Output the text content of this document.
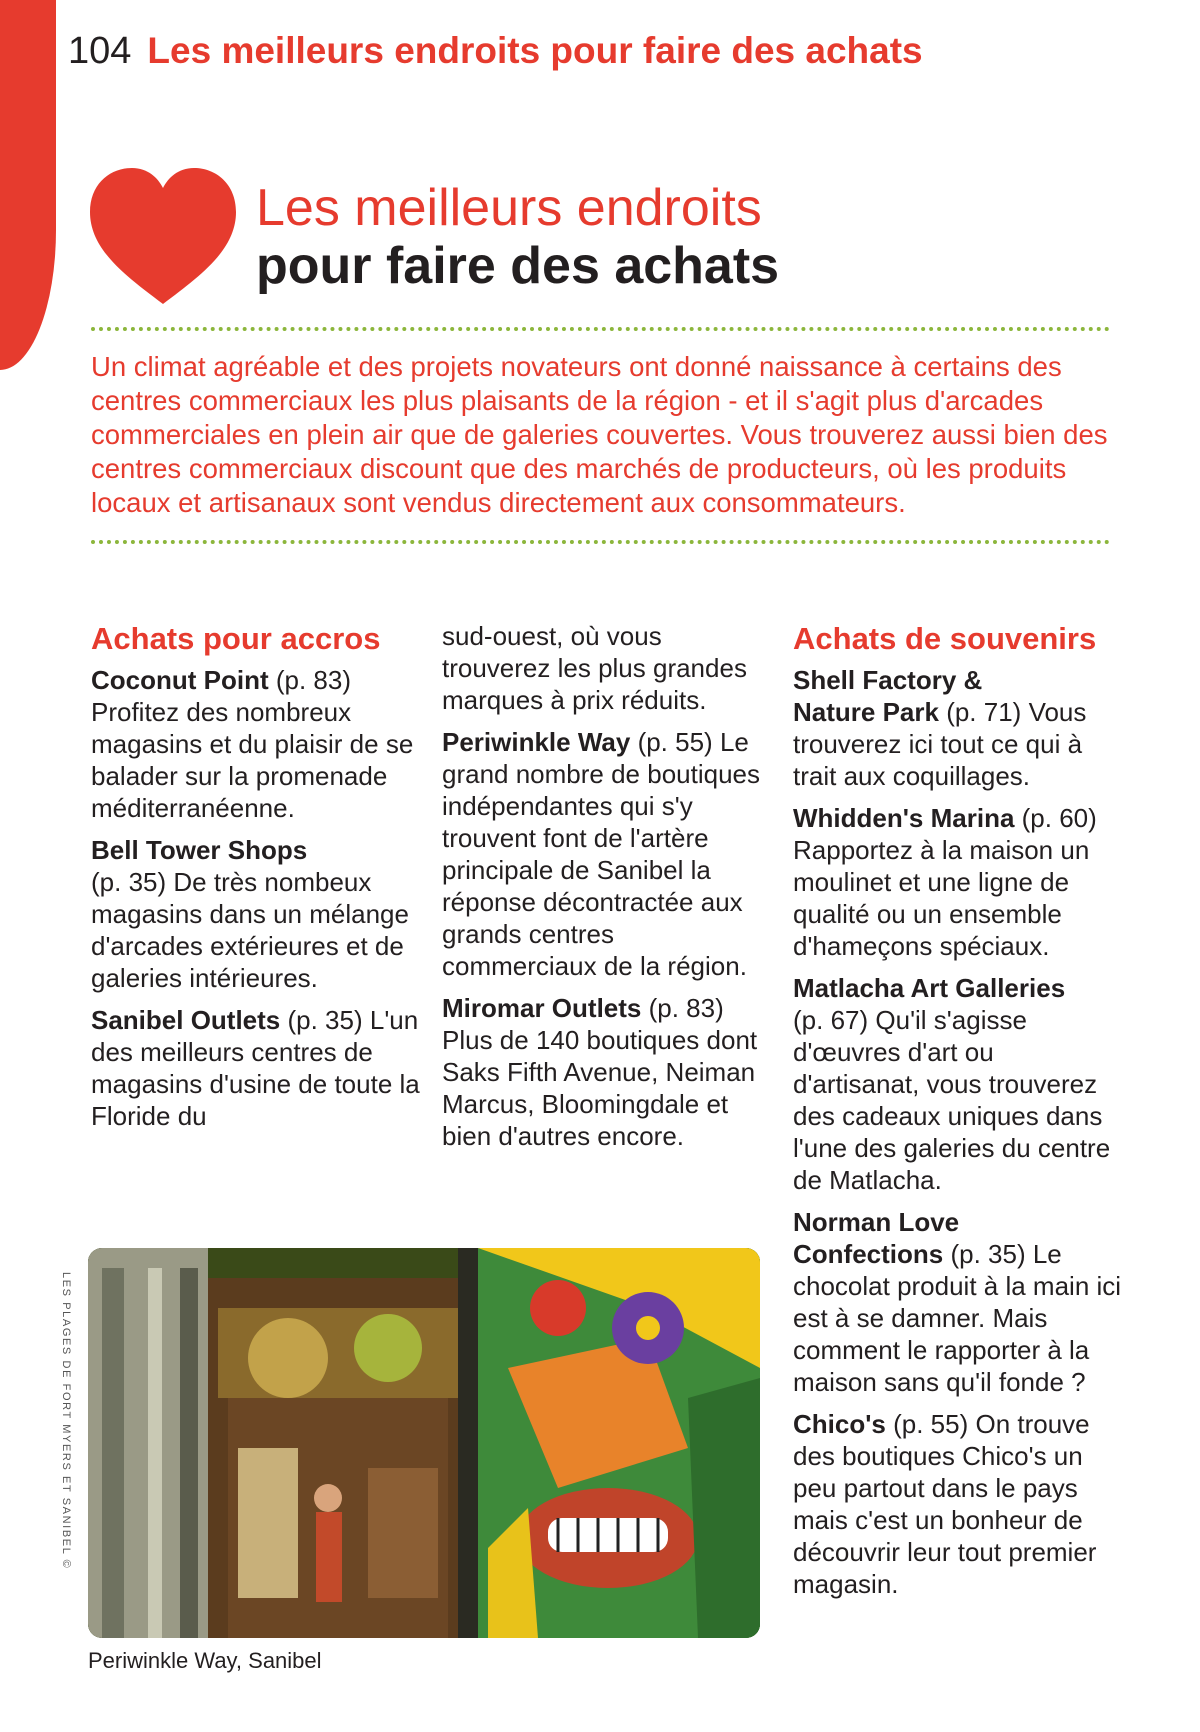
104 Les meilleurs endroits pour faire des achats
Les meilleurs endroits
pour faire des achats

Un climat agréable et des projets novateurs ont donné naissance à certains des centres commerciaux les plus plaisants de la région - et il s'agit plus d'arcades commerciales en plein air que de galeries couvertes. Vous trouverez aussi bien des centres commerciaux discount que des marchés de producteurs, où les produits locaux et artisanaux sont vendus directement aux consommateurs.

Achats pour accros

Coconut Point (p. 83) Profitez des nombreux magasins et du plaisir de se balader sur la promenade méditerranéenne.

Bell Tower Shops
(p. 35) De très nombeux magasins dans un mélange d'arcades extérieures et de galeries intérieures.

Sanibel Outlets (p. 35) L'un des meilleurs centres de magasins d'usine de toute la Floride du

sud-ouest, où vous trouverez les plus grandes marques à prix réduits.

Periwinkle Way (p. 55) Le grand nombre de boutiques indépendantes qui s'y trouvent font de l'artère principale de Sanibel la réponse décontractée aux grands centres commerciaux de la région.

Miromar Outlets (p. 83) Plus de 140 boutiques dont Saks Fifth Avenue, Neiman Marcus, Bloomingdale et bien d'autres encore.

Achats de souvenirs

Shell Factory &
Nature Park (p. 71) Vous trouverez ici tout ce qui à trait aux coquillages.

Whidden's Marina (p. 60) Rapportez à la maison un moulinet et une ligne de qualité ou un ensemble d'hameçons spéciaux.

Matlacha Art Galleries
(p. 67) Qu'il s'agisse d'œuvres d'art ou d'artisanat, vous trouverez des cadeaux uniques dans l'une des galeries du centre de Matlacha.

Norman Love
Confections (p. 35) Le chocolat produit à la main ici est à se damner. Mais comment le rapporter à la maison sans qu'il fonde ?

Chico's (p. 55) On trouve des boutiques Chico's un peu partout dans le pays mais c'est un bonheur de découvrir leur tout premier magasin.

Periwinkle Way, Sanibel
LES PLAGES DE FORT MYERS ET SANIBEL ©
